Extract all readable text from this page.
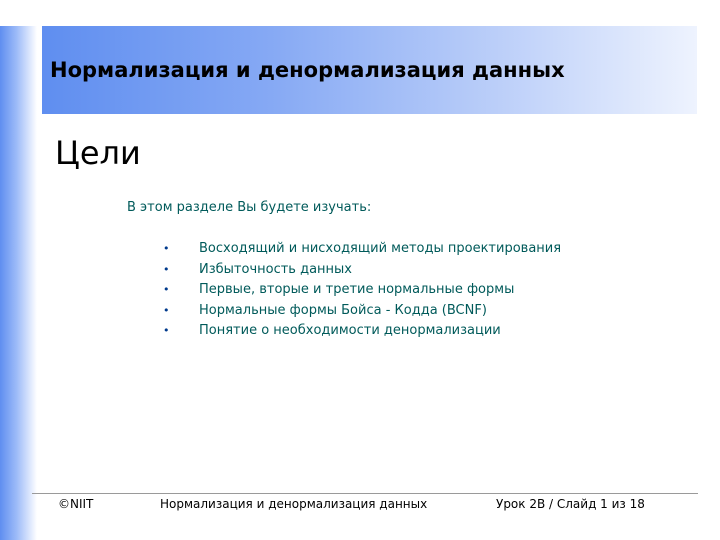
Нормализация и денормализация данных
Цели
В этом разделе Вы будете изучать:
• Восходящий и нисходящий методы проектирования
• Избыточность данных
• Первые, вторые и третие нормальные формы
• Нормальные формы Бойса - Кодда (BCNF)
• Понятие о необходимости денормализации
©NIIT	Нормализация и денормализация данных	Урок 2B / Слайд 1 из 18
